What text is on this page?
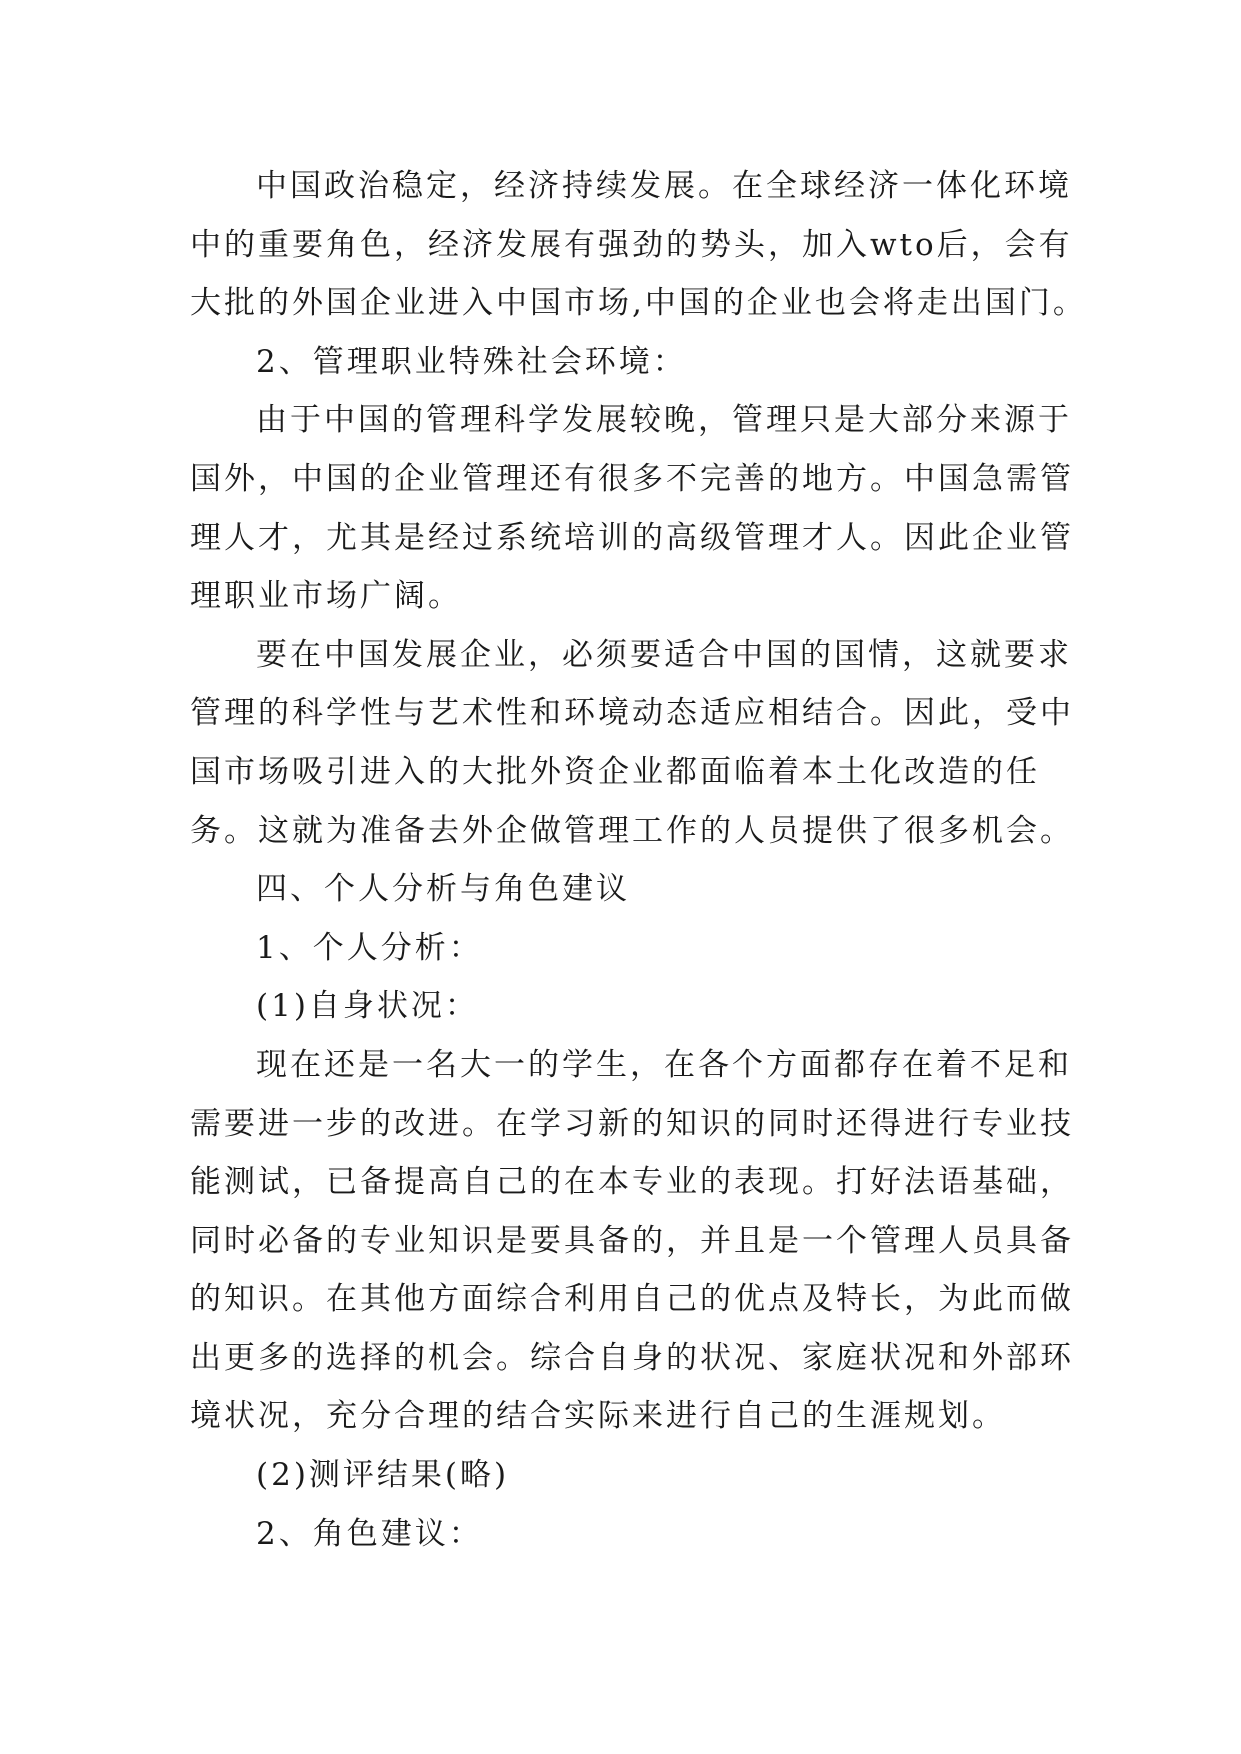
中国政治稳定，经济持续发展。在全球经济一体化环境
中的重要角色，经济发展有强劲的势头，加入wto后，会有
大批的外国企业进入中国市场,中国的企业也会将走出国门。
2、管理职业特殊社会环境：
由于中国的管理科学发展较晚，管理只是大部分来源于
国外，中国的企业管理还有很多不完善的地方。中国急需管
理人才，尤其是经过系统培训的高级管理才人。因此企业管
理职业市场广阔。
要在中国发展企业，必须要适合中国的国情，这就要求
管理的科学性与艺术性和环境动态适应相结合。因此，受中
国市场吸引进入的大批外资企业都面临着本土化改造的任
务。这就为准备去外企做管理工作的人员提供了很多机会。
四、个人分析与角色建议
1、个人分析：
(1)自身状况：
现在还是一名大一的学生，在各个方面都存在着不足和
需要进一步的改进。在学习新的知识的同时还得进行专业技
能测试，已备提高自己的在本专业的表现。打好法语基础，
同时必备的专业知识是要具备的，并且是一个管理人员具备
的知识。在其他方面综合利用自己的优点及特长，为此而做
出更多的选择的机会。综合自身的状况、家庭状况和外部环
境状况，充分合理的结合实际来进行自己的生涯规划。
(2)测评结果(略)
2、角色建议：
